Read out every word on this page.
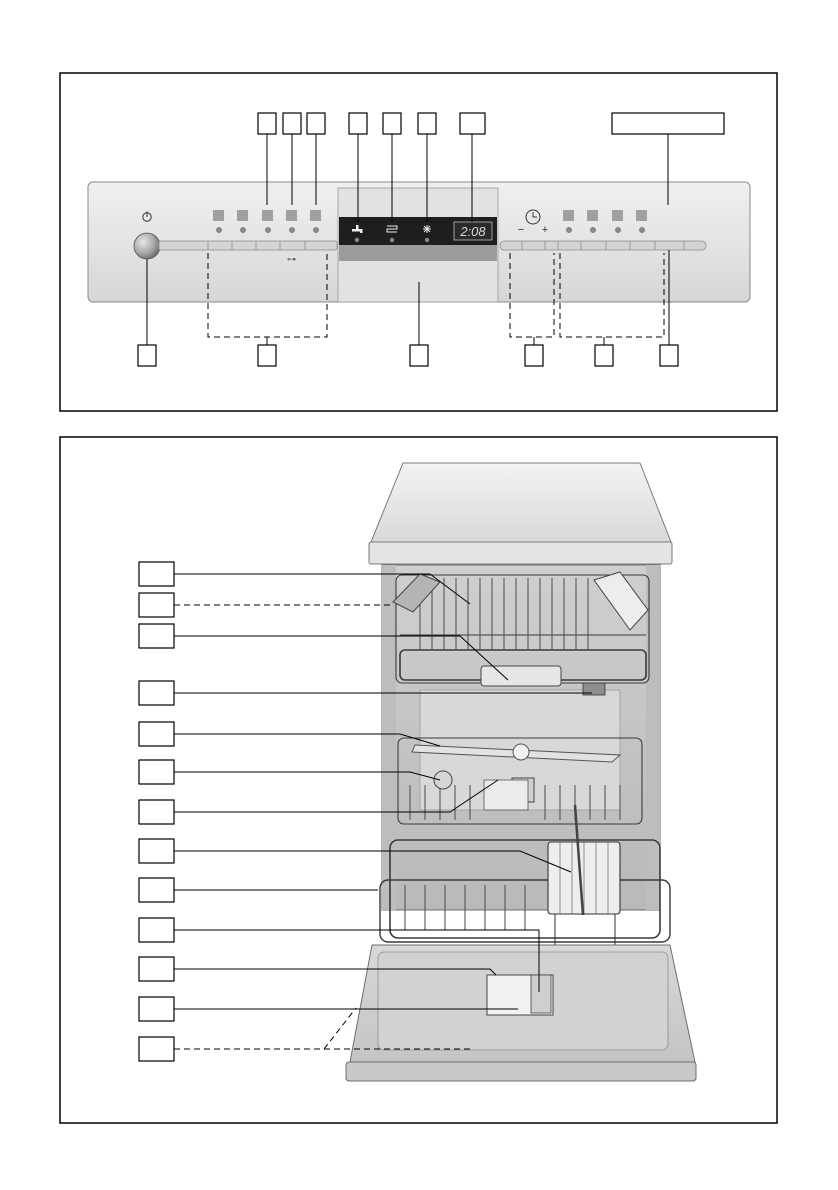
⊶
2:08	− +
